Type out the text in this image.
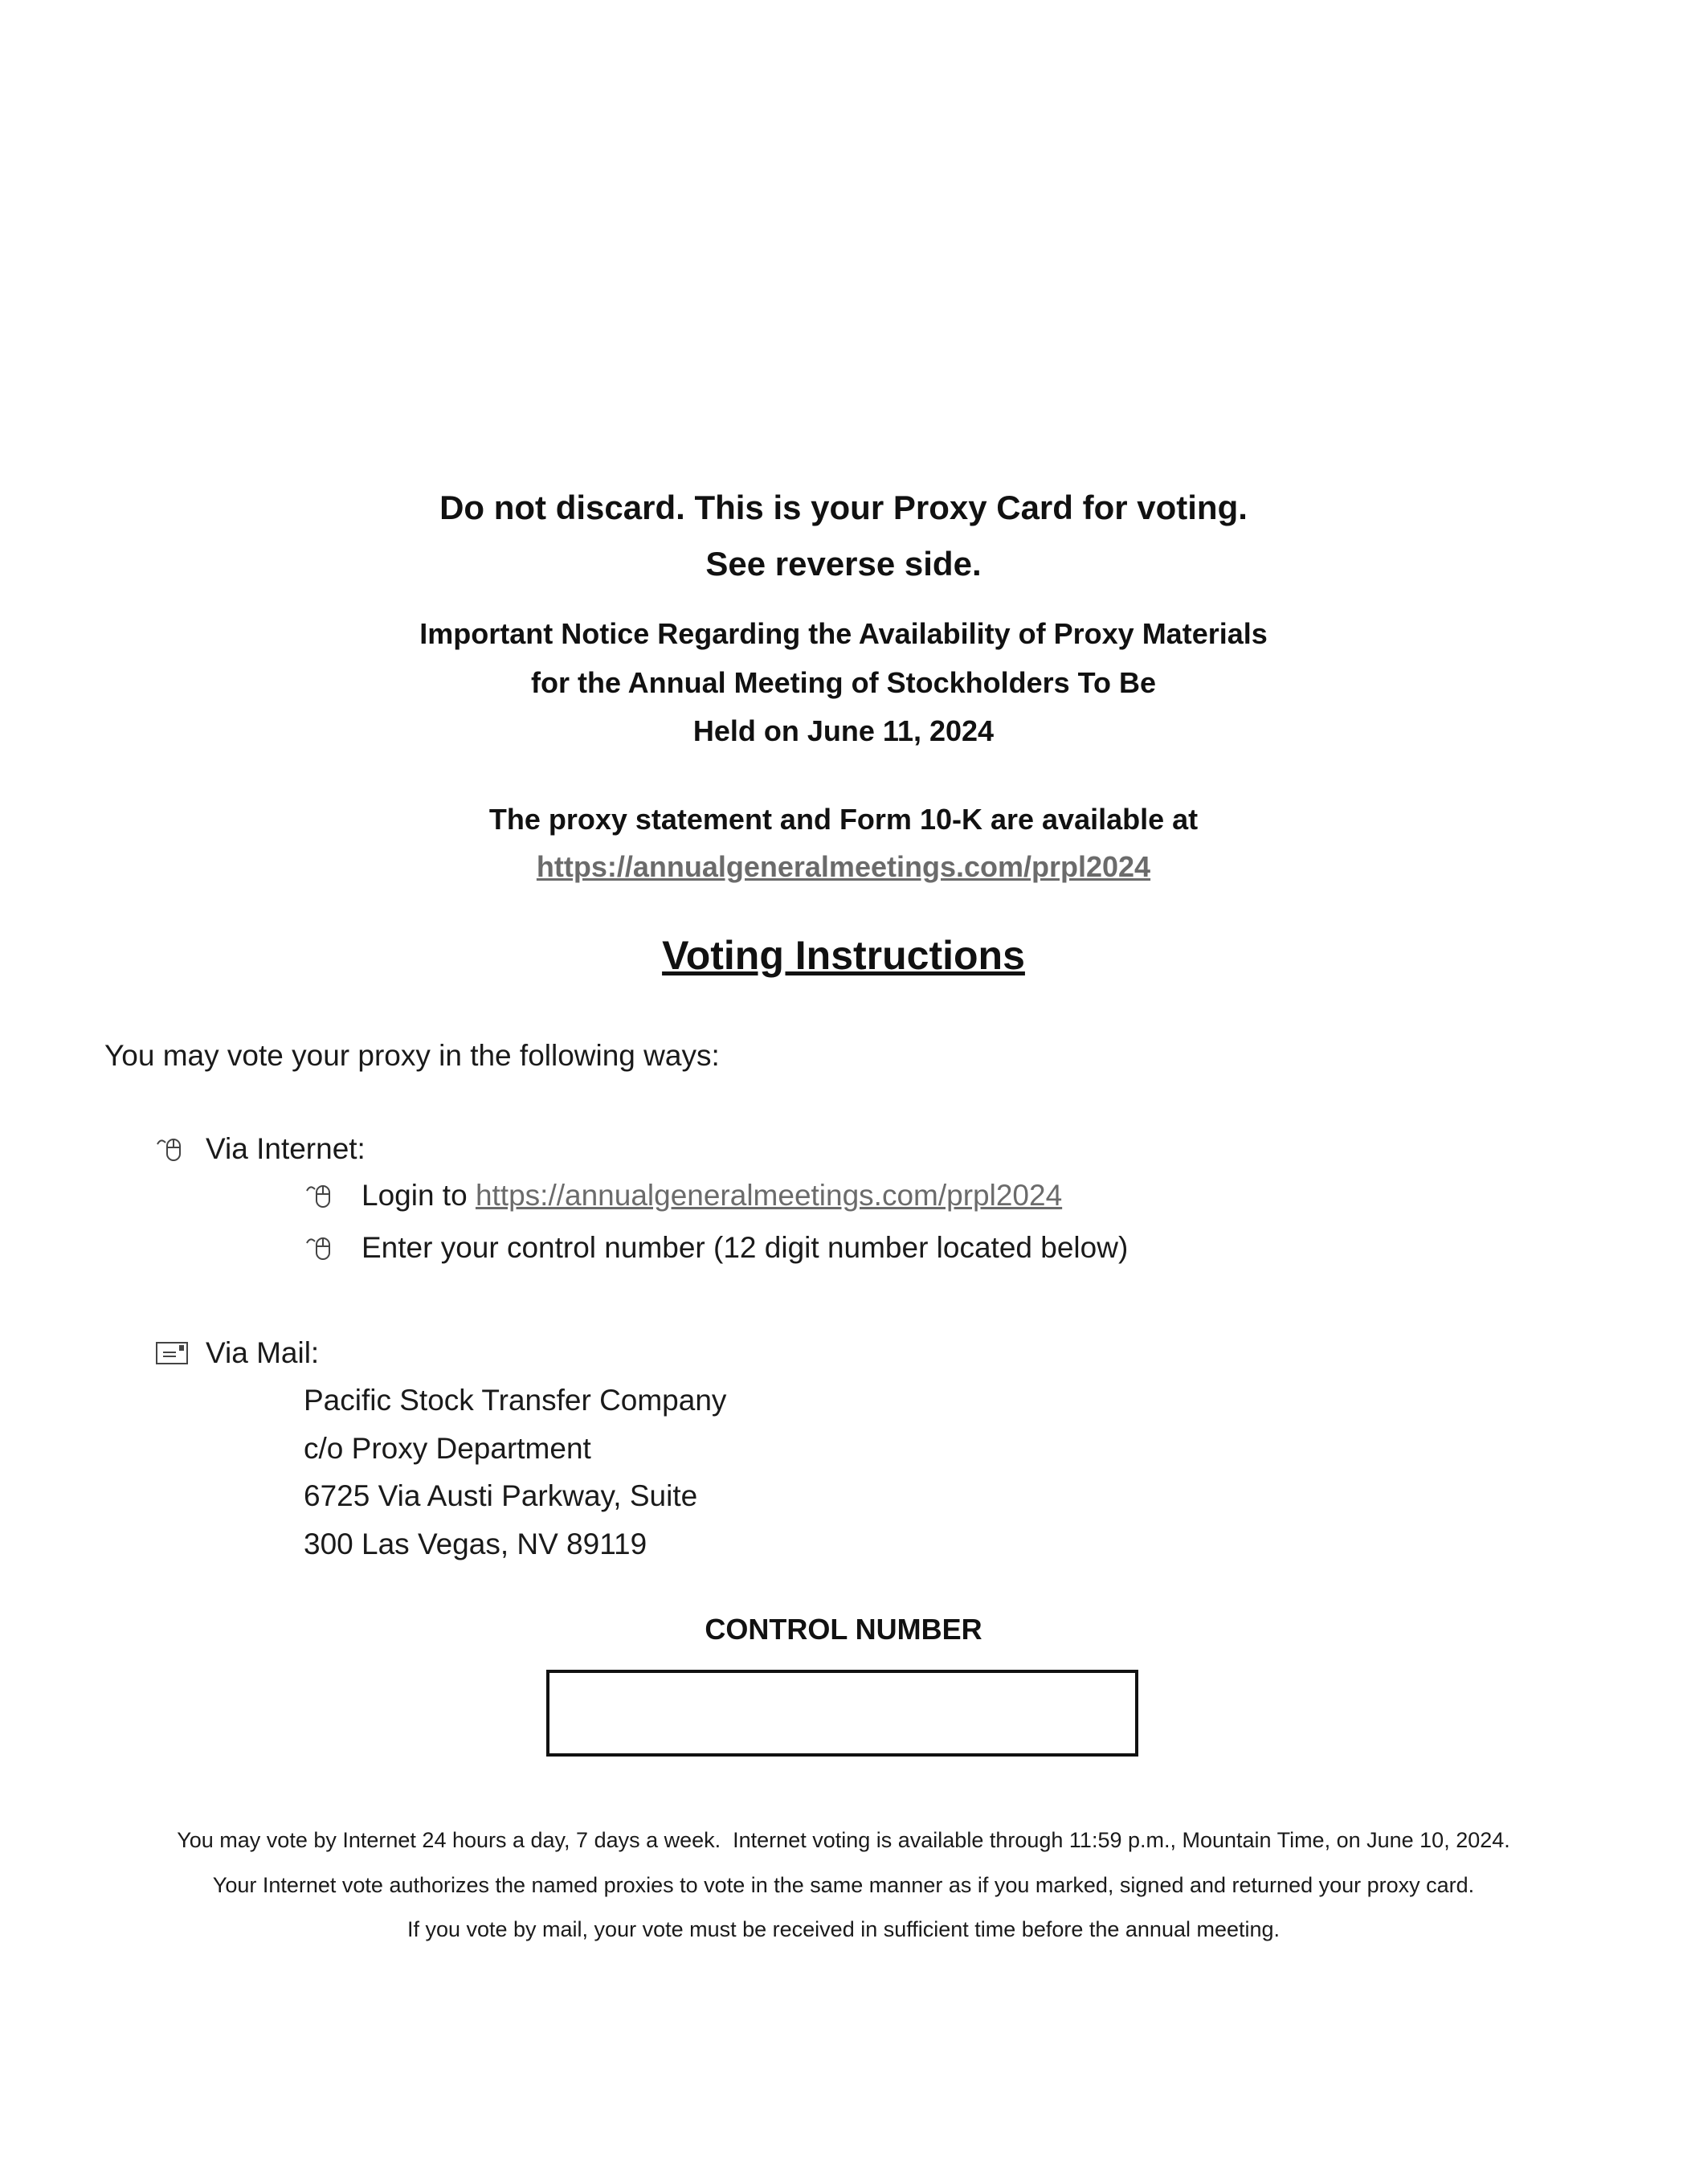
Do not discard. This is your Proxy Card for voting.
See reverse side.
Important Notice Regarding the Availability of Proxy Materials
for the Annual Meeting of Stockholders To Be
Held on June 11, 2024
The proxy statement and Form 10-K are available at
https://annualgeneralmeetings.com/prpl2024
Voting Instructions
You may vote your proxy in the following ways:
Via Internet:
Login to https://annualgeneralmeetings.com/prpl2024
Enter your control number (12 digit number located below)
Via Mail:
Pacific Stock Transfer Company
c/o Proxy Department
6725 Via Austi Parkway, Suite
300 Las Vegas, NV 89119
CONTROL NUMBER
You may vote by Internet 24 hours a day, 7 days a week.  Internet voting is available through 11:59 p.m., Mountain Time, on June 10, 2024.
Your Internet vote authorizes the named proxies to vote in the same manner as if you marked, signed and returned your proxy card.
If you vote by mail, your vote must be received in sufficient time before the annual meeting.
